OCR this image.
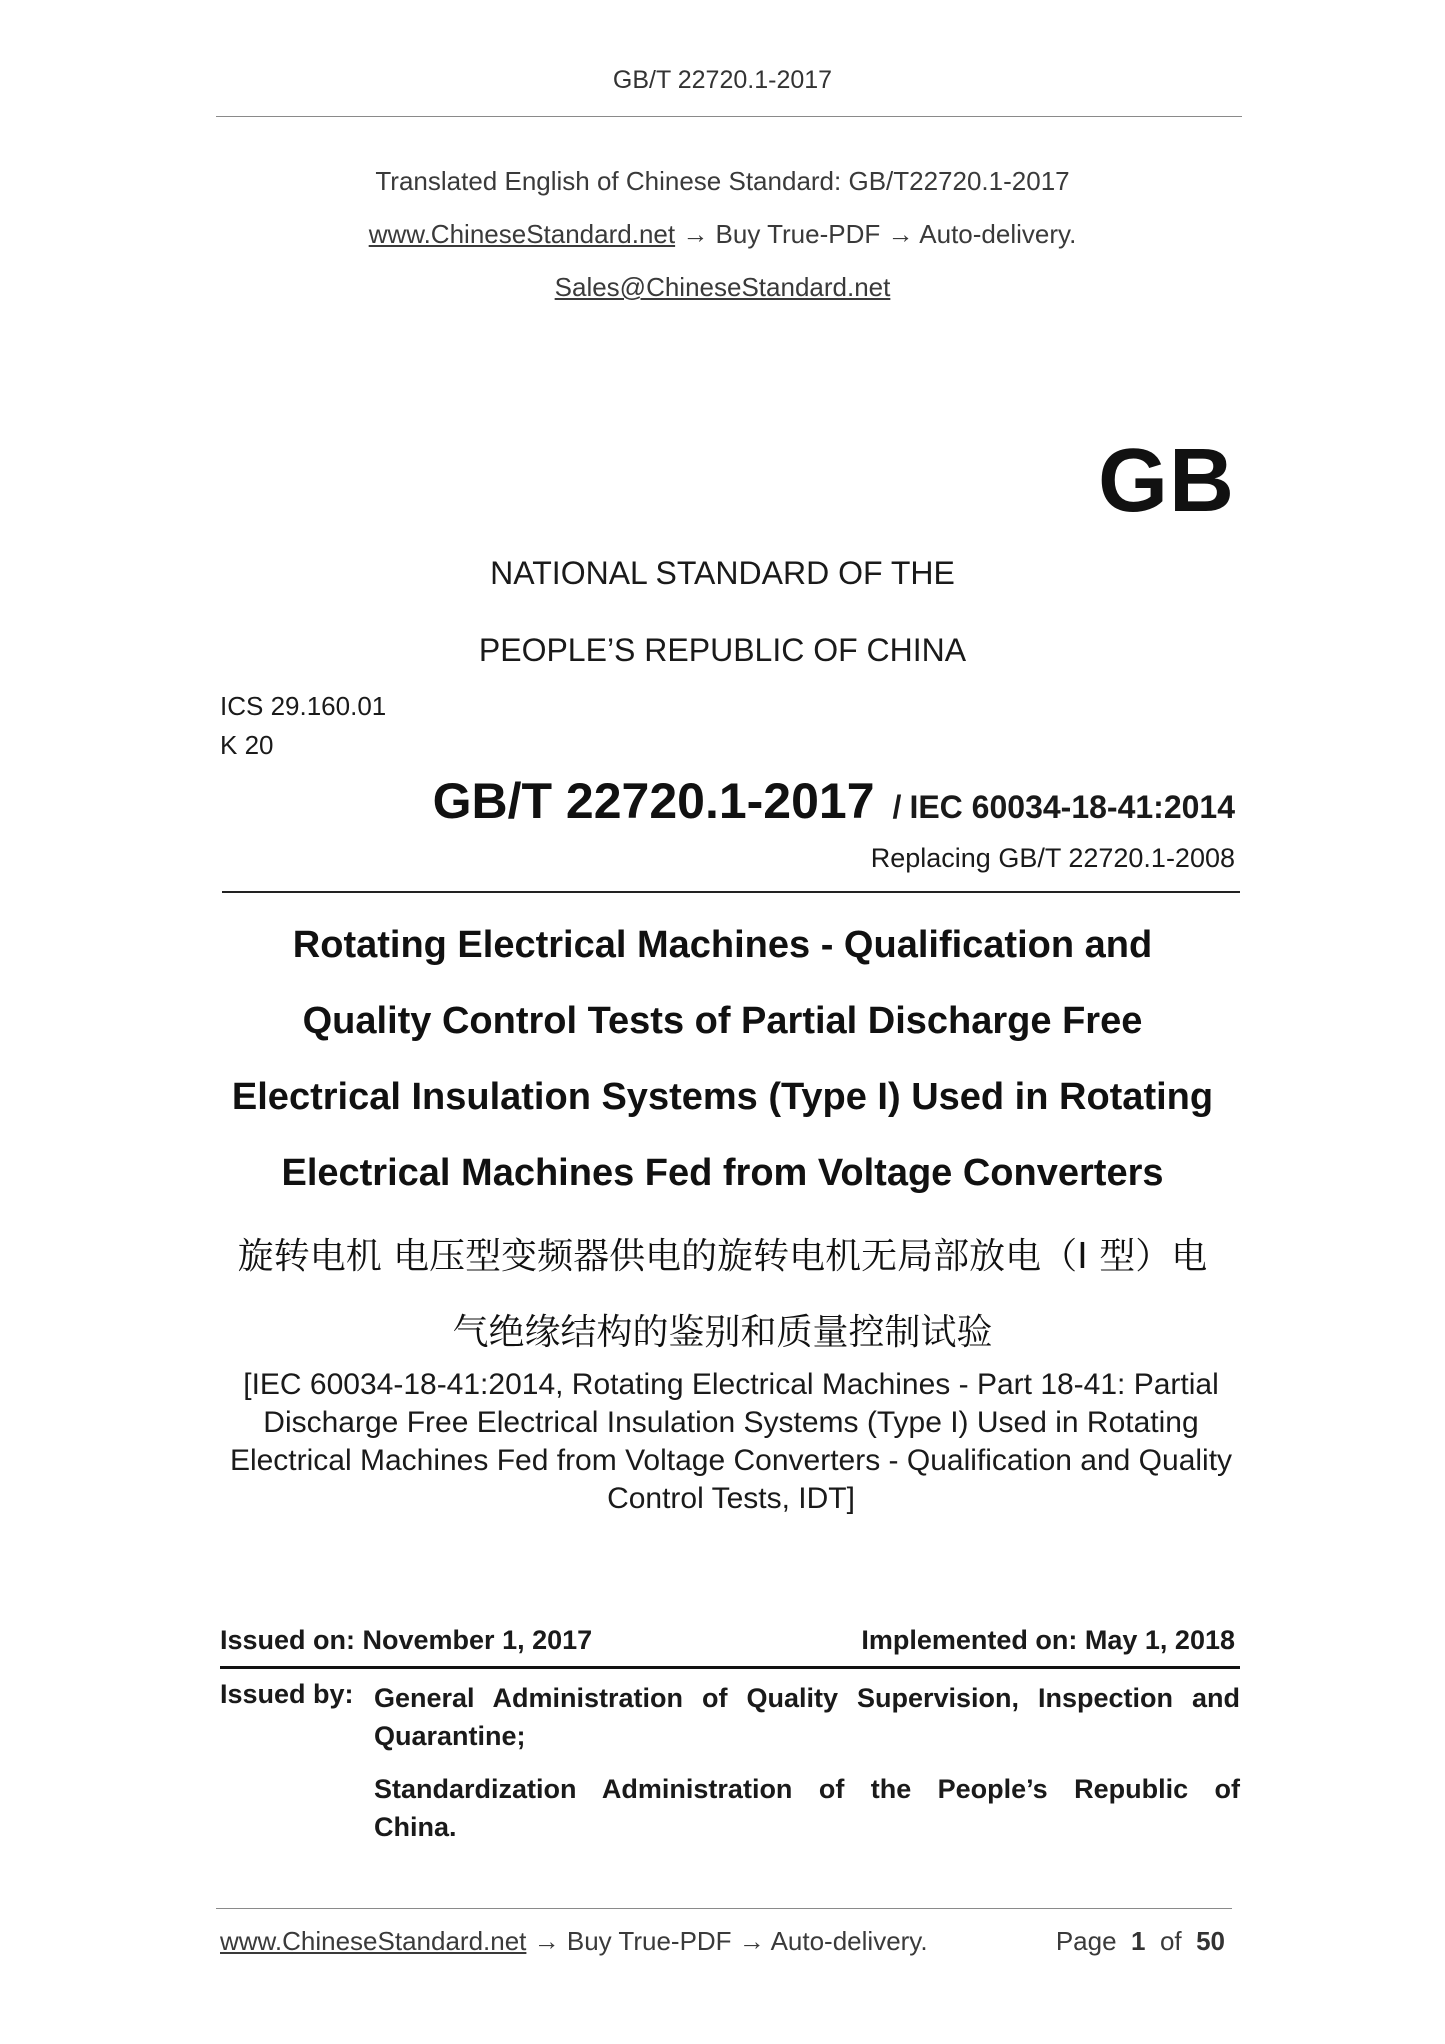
GB/T 22720.1-2017
Translated English of Chinese Standard: GB/T22720.1-2017
www.ChineseStandard.net → Buy True-PDF → Auto-delivery.
Sales@ChineseStandard.net
GB
NATIONAL STANDARD OF THE
PEOPLE’S REPUBLIC OF CHINA
ICS 29.160.01
K 20
GB/T 22720.1-2017 / IEC 60034-18-41:2014
Replacing GB/T 22720.1-2008
Rotating Electrical Machines - Qualification and
Quality Control Tests of Partial Discharge Free
Electrical Insulation Systems (Type I) Used in Rotating
Electrical Machines Fed from Voltage Converters
旋转电机 电压型变频器供电的旋转电机无局部放电（I 型）电
气绝缘结构的鉴别和质量控制试验
[IEC 60034-18-41:2014, Rotating Electrical Machines - Part 18-41: Partial Discharge Free Electrical Insulation Systems (Type I) Used in Rotating Electrical Machines Fed from Voltage Converters - Qualification and Quality Control Tests, IDT]
Issued on: November 1, 2017	Implemented on: May 1, 2018
Issued by: General Administration of Quality Supervision, Inspection and Quarantine;
Standardization Administration of the People’s Republic of China.
www.ChineseStandard.net → Buy True-PDF → Auto-delivery.	Page 1 of 50
